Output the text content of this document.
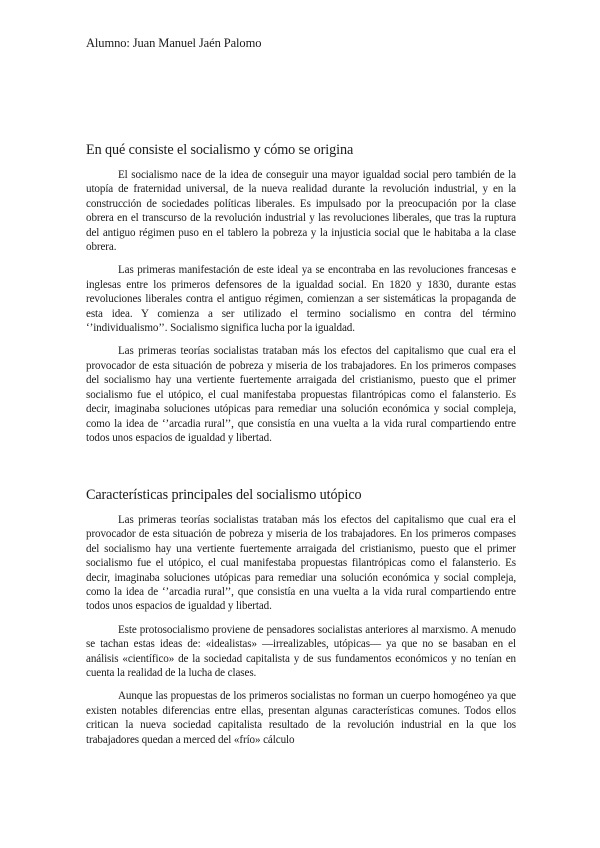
Alumno: Juan Manuel Jaén Palomo
En qué consiste el socialismo y cómo se origina

El socialismo nace de la idea de conseguir una mayor igualdad social pero también de la utopía de fraternidad universal, de la nueva realidad durante la revolución industrial, y en la construcción de sociedades políticas liberales. Es impulsado por la preocupación por la clase obrera en el transcurso de la revolución industrial y las revoluciones liberales, que tras la ruptura del antiguo régimen puso en el tablero la pobreza y la injusticia social que le habitaba a la clase obrera.

Las primeras manifestación de este ideal ya se encontraba en las revoluciones francesas e inglesas entre los primeros defensores de la igualdad social. En 1820 y 1830, durante estas revoluciones liberales contra el antiguo régimen, comienzan a ser sistemáticas la propaganda de esta idea. Y comienza a ser utilizado el termino socialismo en contra del término ‘’individualismo’’. Socialismo significa lucha por la igualdad.

Las primeras teorías socialistas trataban más los efectos del capitalismo que cual era el provocador de esta situación de pobreza y miseria de los trabajadores. En los primeros compases del socialismo hay una vertiente fuertemente arraigada del cristianismo, puesto que el primer socialismo fue el utópico, el cual manifestaba propuestas filantrópicas como el falansterio. Es decir, imaginaba soluciones utópicas para remediar una solución económica y social compleja, como la idea de ‘’arcadia rural’’, que consistía en una vuelta a la vida rural compartiendo entre todos unos espacios de igualdad y libertad.

Características principales del socialismo utópico

Las primeras teorías socialistas trataban más los efectos del capitalismo que cual era el provocador de esta situación de pobreza y miseria de los trabajadores. En los primeros compases del socialismo hay una vertiente fuertemente arraigada del cristianismo, puesto que el primer socialismo fue el utópico, el cual manifestaba propuestas filantrópicas como el falansterio. Es decir, imaginaba soluciones utópicas para remediar una solución económica y social compleja, como la idea de ‘’arcadia rural’’, que consistía en una vuelta a la vida rural compartiendo entre todos unos espacios de igualdad y libertad.

Este protosocialismo proviene de pensadores socialistas anteriores al marxismo. A menudo se tachan estas ideas de: «idealistas» —irrealizables, utópicas— ya que no se basaban en el análisis «científico» de la sociedad capitalista y de sus fundamentos económicos y no tenían en cuenta la realidad de la lucha de clases.

Aunque las propuestas de los primeros socialistas no forman un cuerpo homogéneo ya que existen notables diferencias entre ellas, presentan algunas características comunes. Todos ellos critican la nueva sociedad capitalista resultado de la revolución industrial en la que los trabajadores quedan a merced del «frío» cálculo
